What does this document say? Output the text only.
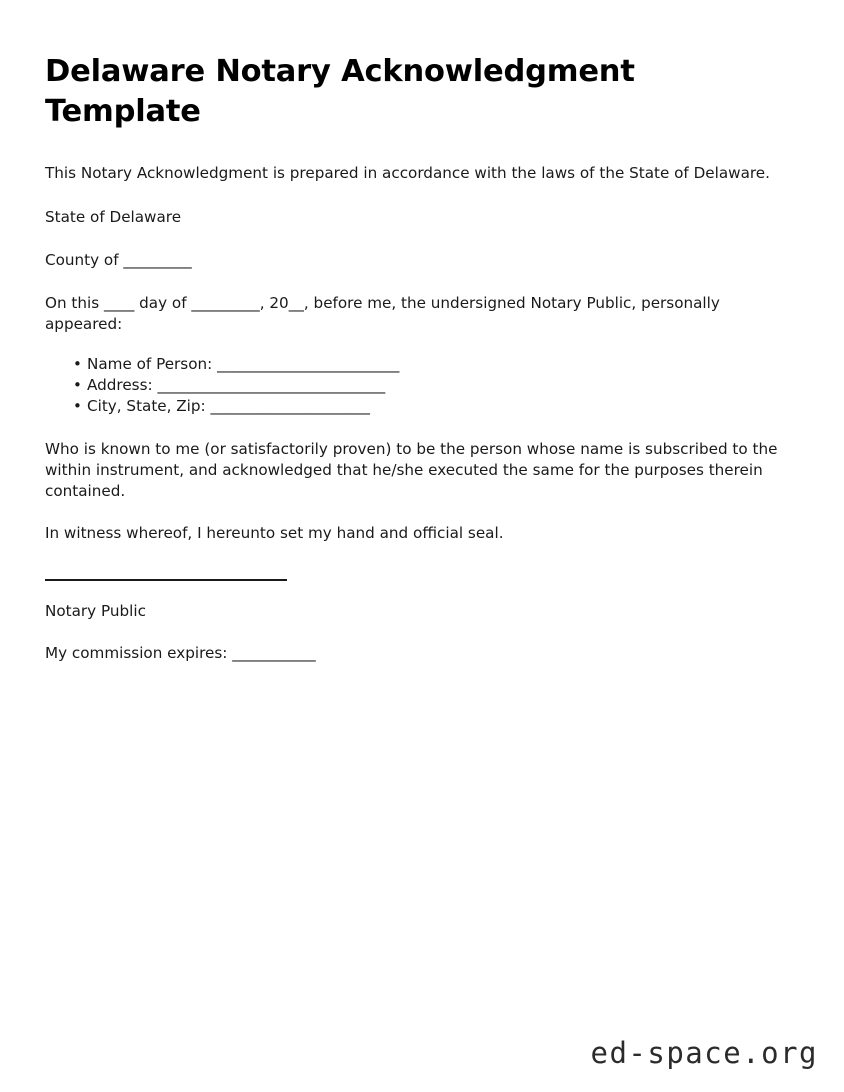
Delaware Notary Acknowledgment Template

This Notary Acknowledgment is prepared in accordance with the laws of the State of Delaware.

State of Delaware

County of _________

On this ____ day of _________, 20__, before me, the undersigned Notary Public, personally appeared:

• Name of Person: ________________________
• Address: ______________________________
• City, State, Zip: _____________________

Who is known to me (or satisfactorily proven) to be the person whose name is subscribed to the within instrument, and acknowledged that he/she executed the same for the purposes therein contained.

In witness whereof, I hereunto set my hand and official seal.

Notary Public

My commission expires: ___________

ed-space.org
